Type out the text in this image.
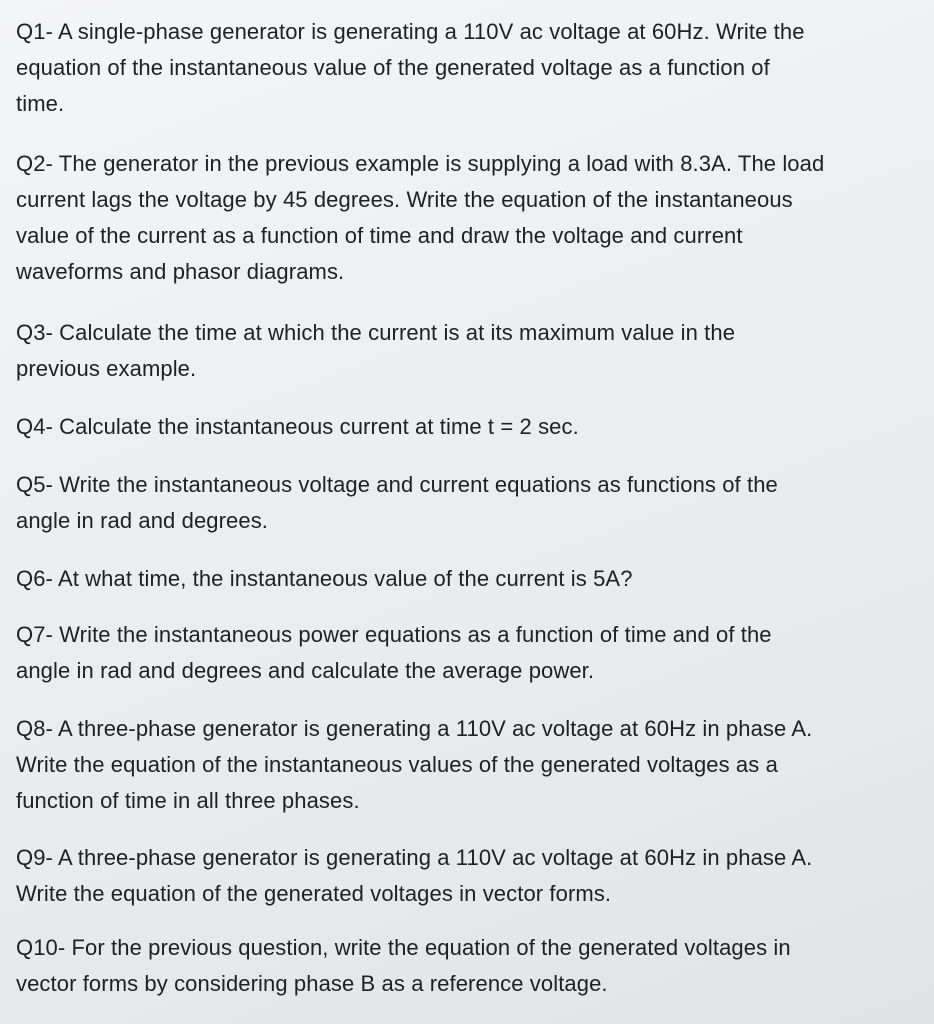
Q1- A single-phase generator is generating a 110V ac voltage at 60Hz. Write the
equation of the instantaneous value of the generated voltage as a function of
time.

Q2- The generator in the previous example is supplying a load with 8.3A. The load
current lags the voltage by 45 degrees. Write the equation of the instantaneous
value of the current as a function of time and draw the voltage and current
waveforms and phasor diagrams.

Q3- Calculate the time at which the current is at its maximum value in the
previous example.

Q4- Calculate the instantaneous current at time t = 2 sec.

Q5- Write the instantaneous voltage and current equations as functions of the
angle in rad and degrees.

Q6- At what time, the instantaneous value of the current is 5A?

Q7- Write the instantaneous power equations as a function of time and of the
angle in rad and degrees and calculate the average power.

Q8- A three-phase generator is generating a 110V ac voltage at 60Hz in phase A.
Write the equation of the instantaneous values of the generated voltages as a
function of time in all three phases.

Q9- A three-phase generator is generating a 110V ac voltage at 60Hz in phase A.
Write the equation of the generated voltages in vector forms.

Q10- For the previous question, write the equation of the generated voltages in
vector forms by considering phase B as a reference voltage.
